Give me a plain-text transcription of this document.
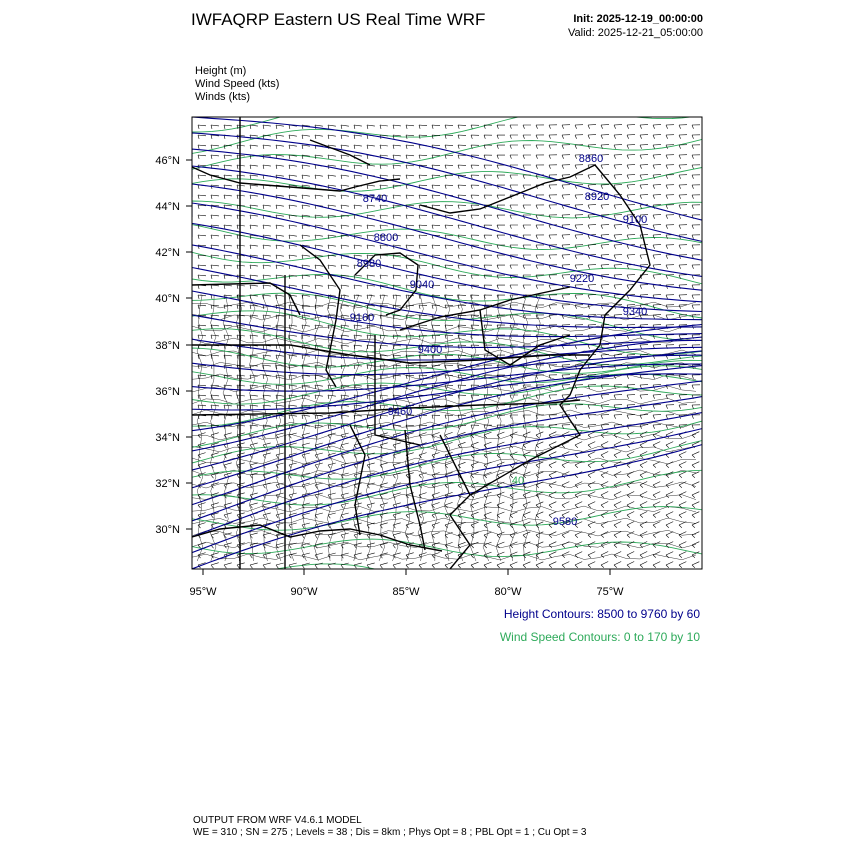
IWFAQRP Eastern US Real Time WRF	Init: 2025-12-19_00:00:00
Valid: 2025-12-21_05:00:00
Height (m)
Wind Speed (kts)
Winds (kts)
46°N
44°N
42°N
40°N
38°N
36°N
34°N
32°N
30°N
95°W	90°W	85°W	80°W	75°W
8860
8740	8920
8800
9100
8980
9220
9040
9160	9340
9400
9460
9580
40
Height Contours: 8500 to 9760 by 60
Wind Speed Contours: 0 to 170 by 10
OUTPUT FROM WRF V4.6.1 MODEL
WE = 310 ; SN = 275 ; Levels = 38 ; Dis = 8km ; Phys Opt = 8 ; PBL Opt = 1 ; Cu Opt = 3
